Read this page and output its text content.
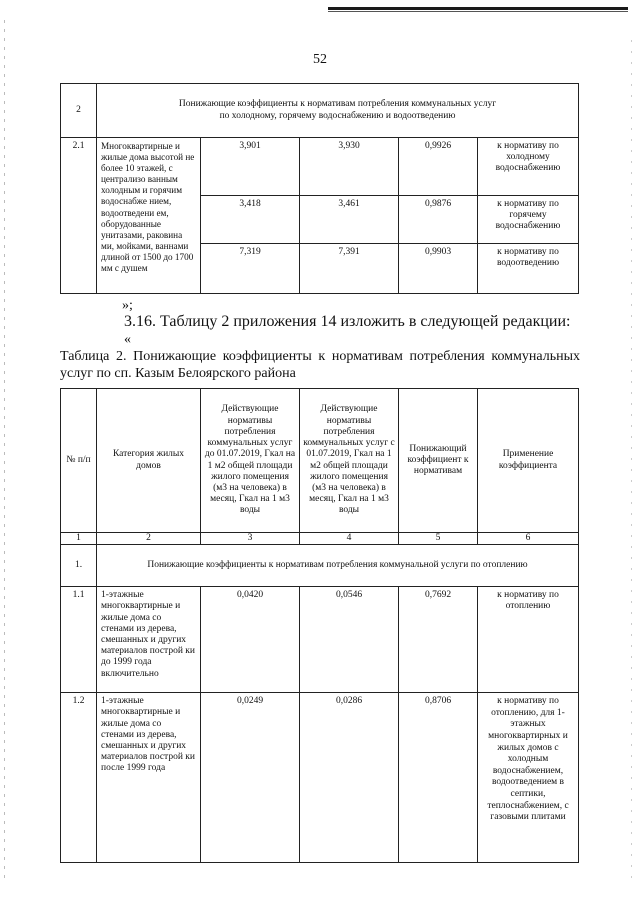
52
2	Понижающие коэффициенты к нормативам потребления коммунальных услуг
по холодному, горячему водоснабжению и водоотведению				

2.1	Многоквартирные и жилые дома высотой не более 10 этажей, с централизо ванным холодным и горячим водоснабже нием, водоотведени ем, оборудованные унитазами, раковина ми, мойками, ваннами длиной от 1500 до 1700 мм с душем	3,901	3,930	0,9926	к нормативу по холодному водоснабжению
		3,418	3,461	0,9876	к нормативу по горячему водоснабжению
		7,319	7,391	0,9903	к нормативу по водоотведению
»;
3.16. Таблицу 2 приложения 14 изложить в следующей редакции:
«
Таблица 2. Понижающие коэффициенты к нормативам потребления коммунальных
услуг по сп. Казым Белоярского района
№ п/п	Категория жилых домов	Действующие нормативы потребления коммунальных услуг до 01.07.2019, Гкал на 1 м2 общей площади жилого помещения (м3 на человека) в месяц, Гкал на 1 м3 воды	Действующие нормативы потребления коммунальных услуг с 01.07.2019, Гкал на 1 м2 общей площади жилого помещения (м3 на человека) в месяц, Гкал на 1 м3 воды	Понижающий коэффициент к нормативам	Применение коэффициента
1	2	3	4	5	6
1.	Понижающие коэффициенты к нормативам потребления коммунальной услуги по отоплению				
1.1	1-этажные многоквартирные и жилые дома со стенами из дерева, смешанных и других материалов построй ки до 1999 года включительно	0,0420	0,0546	0,7692	к нормативу по отоплению
1.2	1-этажные многоквартирные и жилые дома со стенами из дерева, смешанных и других материалов построй ки после 1999 года	0,0249	0,0286	0,8706	к нормативу по отоплению, для 1-этажных многоквартирных и жилых домов с холодным водоснабжением, водоотведением в септики, теплоснабжением, с газовыми плитами
